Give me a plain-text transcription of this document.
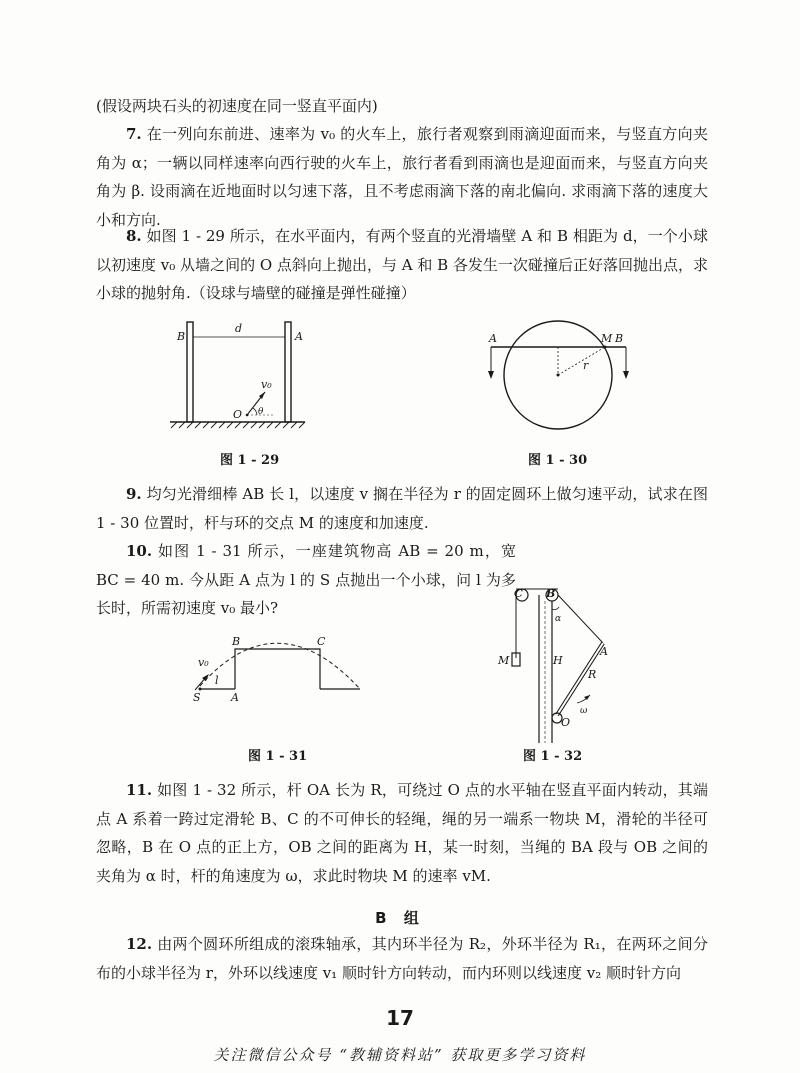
(假设两块石头的初速度在同一竖直平面内)

7. 在一列向东前进、速率为 v₀ 的火车上，旅行者观察到雨滴迎面而来，与竖直方向夹角为 α；一辆以同样速率向西行驶的火车上，旅行者看到雨滴也是迎面而来，与竖直方向夹角为 β. 设雨滴在近地面时以匀速下落，且不考虑雨滴下落的南北偏向. 求雨滴下落的速度大小和方向.

8. 如图 1 - 29 所示，在水平面内，有两个竖直的光滑墙壁 A 和 B 相距为 d，一个小球以初速度 v₀ 从墙之间的 O 点斜向上抛出，与 A 和 B 各发生一次碰撞后正好落回抛出点，求小球的抛射角.（设球与墙壁的碰撞是弹性碰撞）

B	A
d
v₀
O θ
图 1 - 29
A	M B
r
图 1 - 30

9. 均匀光滑细棒 AB 长 l，以速度 v 搁在半径为 r 的固定圆环上做匀速平动，试求在图 1 - 30 位置时，杆与环的交点 M 的速度和加速度.

10. 如图 1 - 31 所示，一座建筑物高 AB = 20 m，宽 BC = 40 m. 今从距 A 点为 l 的 S 点抛出一个小球，问 l 为多长时，所需初速度 v₀ 最小?

v₀
S
l
A
B	C
图 1 - 31
C B
α
M	H
A
R
ω
O
图 1 - 32

11. 如图 1 - 32 所示，杆 OA 长为 R，可绕过 O 点的水平轴在竖直平面内转动，其端点 A 系着一跨过定滑轮 B、C 的不可伸长的轻绳，绳的另一端系一物块 M，滑轮的半径可忽略，B 在 O 点的正上方，OB 之间的距离为 H，某一时刻，当绳的 BA 段与 OB 之间的夹角为 α 时，杆的角速度为 ω，求此时物块 M 的速率 vM.

B 组

12. 由两个圆环所组成的滚珠轴承，其内环半径为 R₂，外环半径为 R₁，在两环之间分布的小球半径为 r，外环以线速度 v₁ 顺时针方向转动，而内环则以线速度 v₂ 顺时针方向

17
关注微信公众号 “教辅资料站” 获取更多学习资料
